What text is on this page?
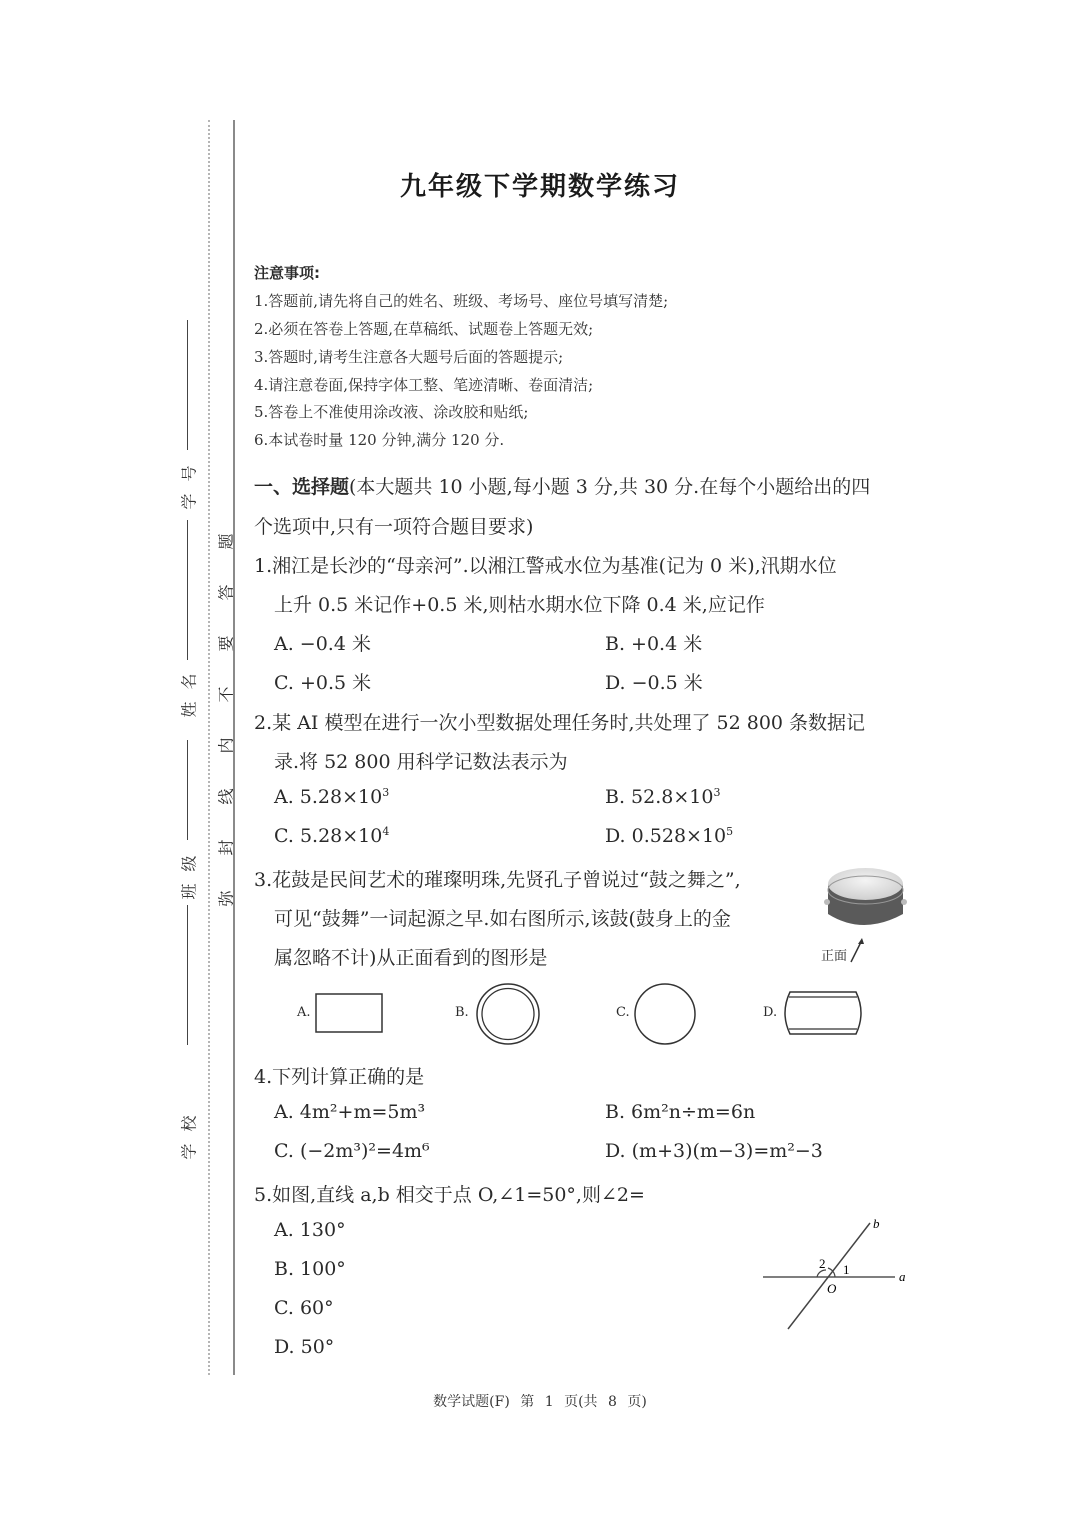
学号
姓名
班级
学校
弥
封
线
内
不
要
答
题
九年级下学期数学练习
注意事项:
1.答题前,请先将自己的姓名、班级、考场号、座位号填写清楚;
2.必须在答卷上答题,在草稿纸、试题卷上答题无效;
3.答题时,请考生注意各大题号后面的答题提示;
4.请注意卷面,保持字体工整、笔迹清晰、卷面清洁;
5.答卷上不准使用涂改液、涂改胶和贴纸;
6.本试卷时量 120 分钟,满分 120 分.
一、选择题(本大题共 10 小题,每小题 3 分,共 30 分.在每个小题给出的四
个选项中,只有一项符合题目要求)
1.湘江是长沙的“母亲河”.以湘江警戒水位为基准(记为 0 米),汛期水位
上升 0.5 米记作+0.5 米,则枯水期水位下降 0.4 米,应记作
A. −0.4 米	B. +0.4 米
C. +0.5 米	D. −0.5 米
2.某 AI 模型在进行一次小型数据处理任务时,共处理了 52 800 条数据记
录.将 52 800 用科学记数法表示为
A. $5.28\times 10^3$	B. $52.8\times 10^3$
C. $5.28\times 10^4$	D. $0.528\times 10^5$
3.花鼓是民间艺术的璀璨明珠,先贤孔子曾说过“鼓之舞之”,
可见“鼓舞”一词起源之早.如右图所示,该鼓(鼓身上的金
属忽略不计)从正面看到的图形是	正面
A.	B.	C.	D.
4.下列计算正确的是
A. 4m²+m=5m³	B. 6m²n÷m=6n
C. (−2m³)²=4m⁶	D. (m+3)(m−3)=m²−3
5.如图,直线 a,b 相交于点 O,∠1=50°,则∠2=
A. 130°
B. 100°
C. 60°
D. 50°
b
a
2 1
O
数学试题(F) 第 1 页(共 8 页)
